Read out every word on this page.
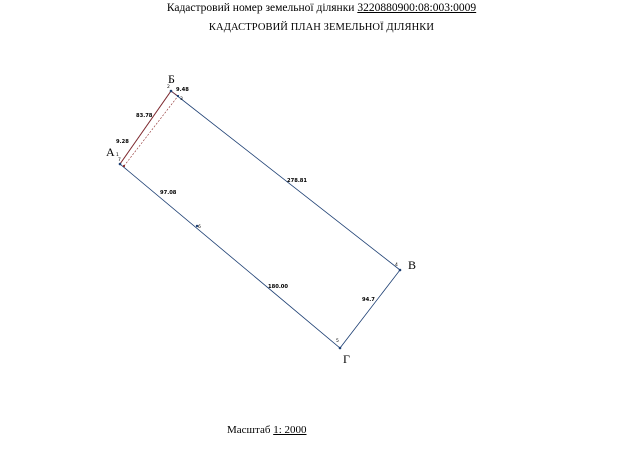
Кадастровий номер земельної ділянки 3220880900:08:003:0009
КАДАСТРОВИЙ ПЛАН ЗЕМЕЛЬНОЇ ДІЛЯНКИ
А
Б
В
Г
1
2
3
4
5
6
7
9.28
9.48
83.78
278.81
97.08
180.00
94.7
Масштаб 1: 2000
